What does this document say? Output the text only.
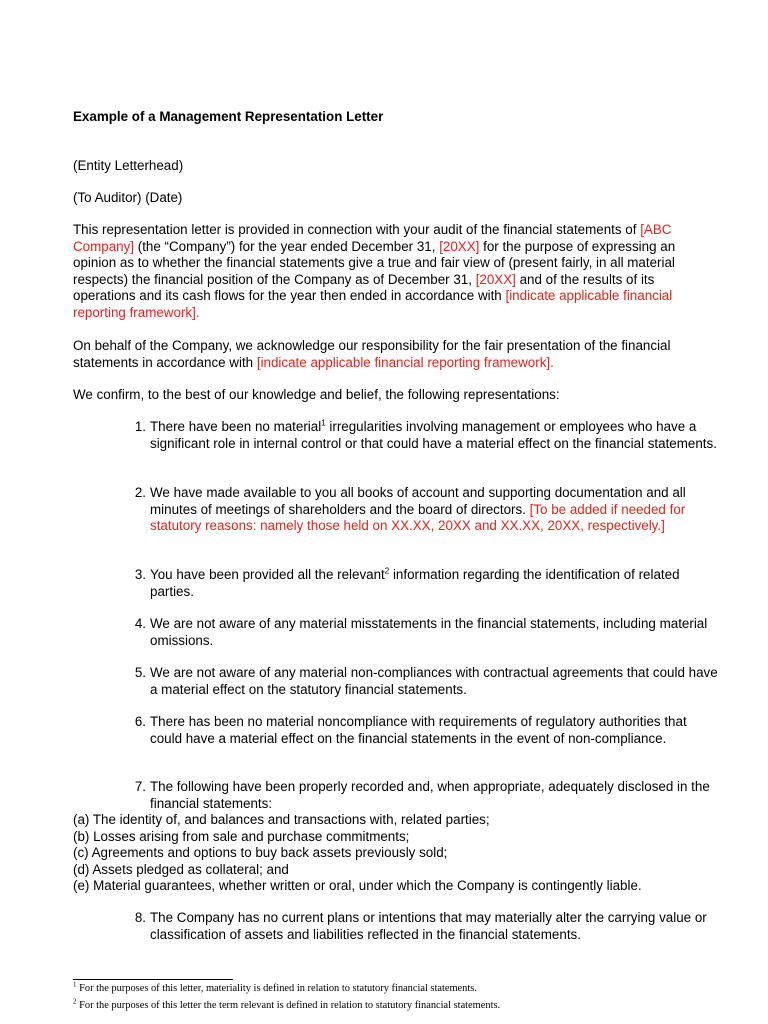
Example of a Management Representation Letter
(Entity Letterhead)
(To Auditor) (Date)
This representation letter is provided in connection with your audit of the financial statements of [ABC Company] (the “Company”) for the year ended December 31, [20XX] for the purpose of expressing an opinion as to whether the financial statements give a true and fair view of (present fairly, in all material respects) the financial position of the Company as of December 31, [20XX] and of the results of its operations and its cash flows for the year then ended in accordance with [indicate applicable financial reporting framework].
On behalf of the Company, we acknowledge our responsibility for the fair presentation of the financial statements in accordance with [indicate applicable financial reporting framework].
We confirm, to the best of our knowledge and belief, the following representations:
1. There have been no material$^1$ irregularities involving management or employees who have a significant role in internal control or that could have a material effect on the financial statements.
2. We have made available to you all books of account and supporting documentation and all minutes of meetings of shareholders and the board of directors. [To be added if needed for statutory reasons: namely those held on XX.XX, 20XX and XX.XX, 20XX, respectively.]
3. You have been provided all the relevant$^2$ information regarding the identification of related parties.
4. We are not aware of any material misstatements in the financial statements, including material omissions.
5. We are not aware of any material non-compliances with contractual agreements that could have a material effect on the statutory financial statements.
6. There has been no material noncompliance with requirements of regulatory authorities that could have a material effect on the financial statements in the event of non-compliance.
7. The following have been properly recorded and, when appropriate, adequately disclosed in the financial statements:
(a) The identity of, and balances and transactions with, related parties;
(b) Losses arising from sale and purchase commitments;
(c) Agreements and options to buy back assets previously sold;
(d) Assets pledged as collateral; and
(e) Material guarantees, whether written or oral, under which the Company is contingently liable.
8. The Company has no current plans or intentions that may materially alter the carrying value or classification of assets and liabilities reflected in the financial statements.
$^1$ For the purposes of this letter, materiality is defined in relation to statutory financial statements.
$^2$ For the purposes of this letter the term relevant is defined in relation to statutory financial statements.
